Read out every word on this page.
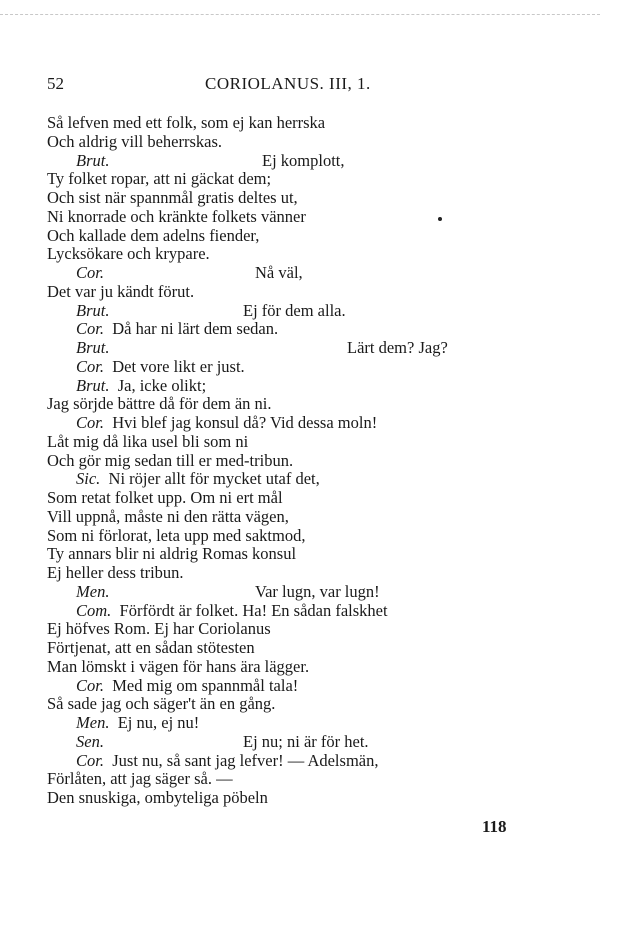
52	CORIOLANUS. III, 1.
Så lefven med ett folk, som ej kan herrska
Och aldrig vill beherrskas.
Brut.	Ej komplott,
Ty folket ropar, att ni gäckat dem;
Och sist när spannmål gratis deltes ut,
Ni knorrade och kränkte folkets vänner
Och kallade dem adelns fiender,
Lycksökare och krypare.
Cor.	Nå väl,
Det var ju kändt förut.
Brut.	Ej för dem alla.
Cor. Då har ni lärt dem sedan.
Brut.	Lärt dem? Jag?
Cor. Det vore likt er just.
Brut. Ja, icke olikt;
Jag sörjde bättre då för dem än ni.
Cor. Hvi blef jag konsul då? Vid dessa moln!
Låt mig då lika usel bli som ni
Och gör mig sedan till er med-tribun.
Sic. Ni röjer allt för mycket utaf det,
Som retat folket upp. Om ni ert mål
Vill uppnå, måste ni den rätta vägen,
Som ni förlorat, leta upp med saktmod,
Ty annars blir ni aldrig Romas konsul
Ej heller dess tribun.
Men.	Var lugn, var lugn!
Com. Förfördt är folket. Ha! En sådan falskhet
Ej höfves Rom. Ej har Coriolanus
Förtjenat, att en sådan stötesten
Man lömskt i vägen för hans ära lägger.
Cor. Med mig om spannmål tala!
Så sade jag och säger't än en gång.
Men. Ej nu, ej nu!
Sen.	Ej nu; ni är för het.
Cor. Just nu, så sant jag lefver! — Adelsmän,
Förlåten, att jag säger så. —
Den snuskiga, ombyteliga pöbeln
118
